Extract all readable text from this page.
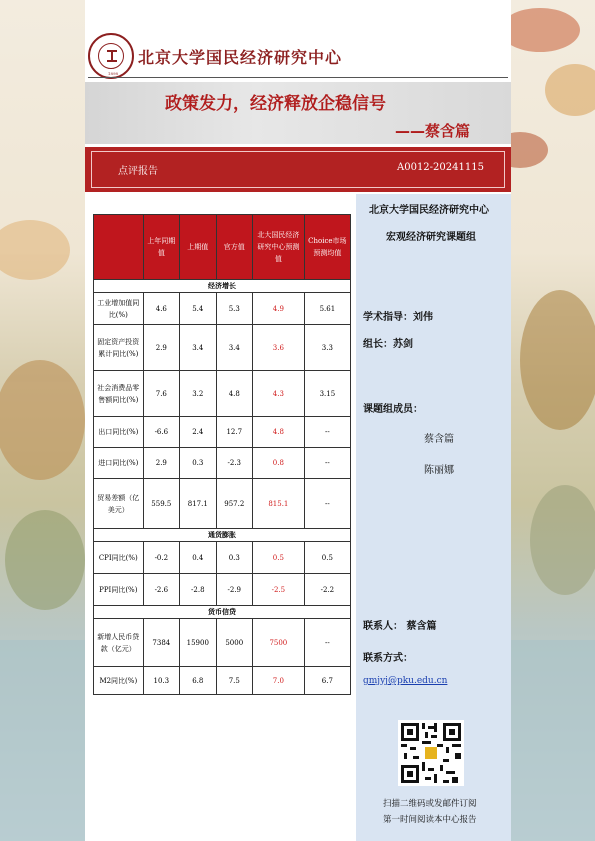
1898
北京大学国民经济研究中心
政策发力，经济释放企稳信号
——蔡含篇
点评报告	A0012-20241115
北京大学国民经济研究中心
宏观经济研究课题组
学术指导：刘伟
组长：苏剑
课题组成员：
蔡含篇
陈丽娜
联系人： 蔡含篇
联系方式：
gmjyj@pku.edu.cn
扫描二维码或发邮件订阅
第一时间阅读本中心报告
	上年同期值	上期值	官方值	北大国民经济研究中心预测值	Choice市场预测均值
经济增长					
工业增加值同比(%)	4.6	5.4	5.3	4.9	5.61
固定资产投资累计同比(%)	2.9	3.4	3.4	3.6	3.3
社会消费品零售额同比(%)	7.6	3.2	4.8	4.3	3.15
出口同比(%)	-6.6	2.4	12.7	4.8	--
进口同比(%)	2.9	0.3	-2.3	0.8	--
贸易差额（亿美元）	559.5	817.1	957.2	815.1	--
通货膨胀					
CPI同比(%)	-0.2	0.4	0.3	0.5	0.5
PPI同比(%)	-2.6	-2.8	-2.9	-2.5	-2.2
货币信贷					
新增人民币贷款（亿元）	7384	15900	5000	7500	--
M2同比(%)	10.3	6.8	7.5	7.0	6.7
